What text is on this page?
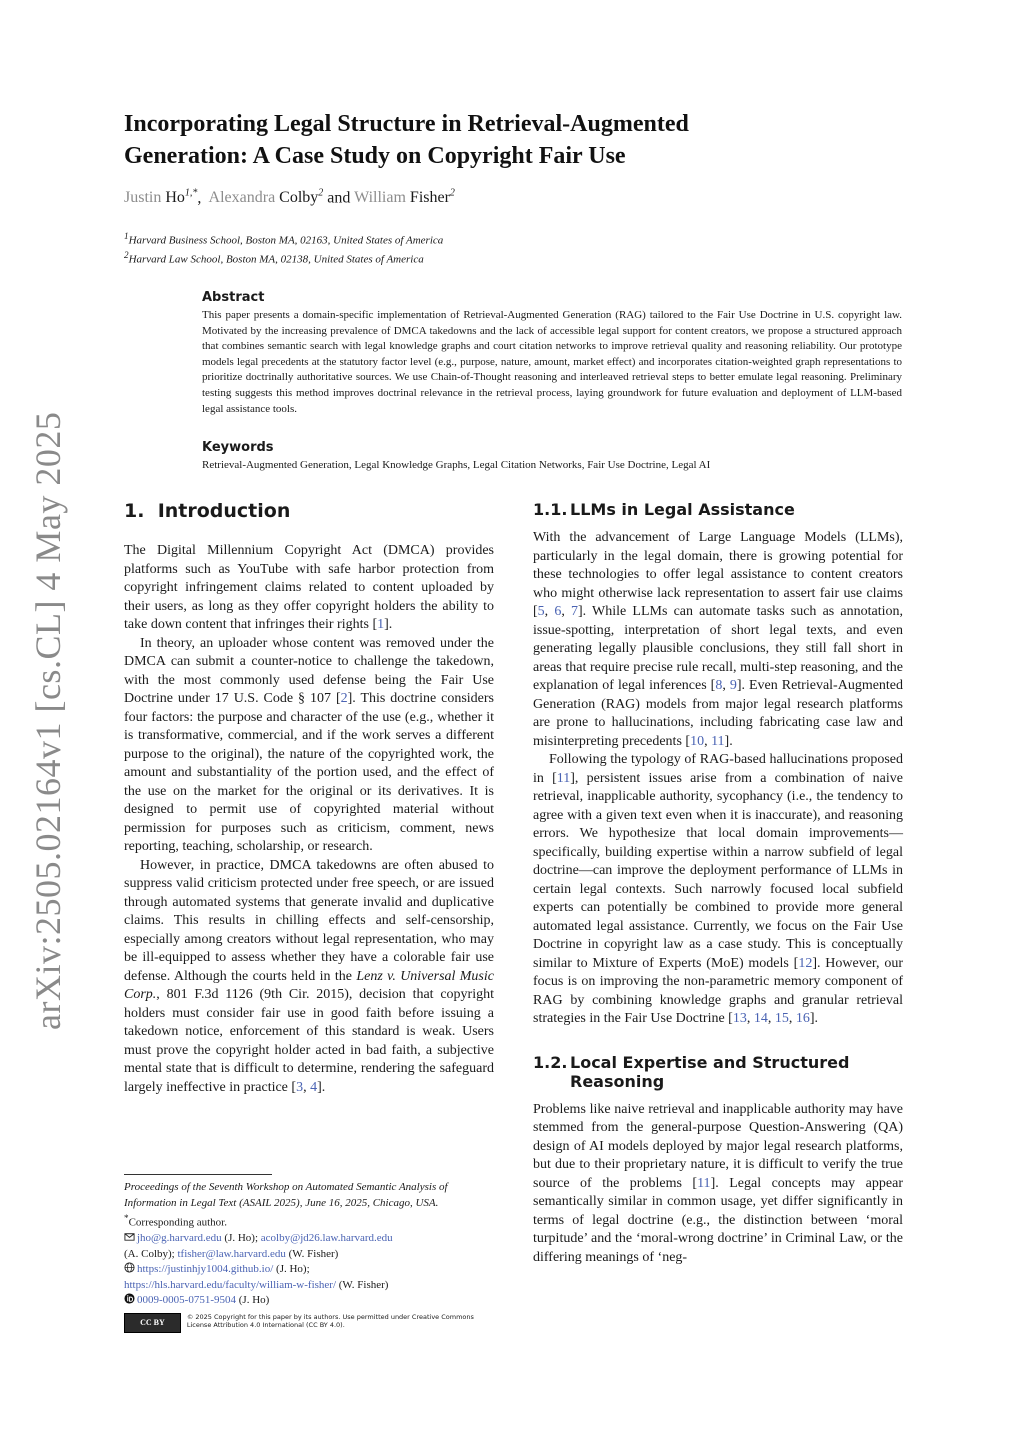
arXiv:2505.02164v1 [cs.CL] 4 May 2025
Incorporating Legal Structure in Retrieval-Augmented
Generation: A Case Study on Copyright Fair Use
Justin $Ho^{1,*}$, Alexandra Colby$^2$ and William Fisher$^2$
$^1$Harvard Business School, Boston MA, 02163, United States of America
$^2$Harvard Law School, Boston MA, 02138, United States of America
Abstract

This paper presents a domain-specific implementation of Retrieval-Augmented Generation (RAG) tailored to the Fair Use Doctrine in U.S. copyright law. Motivated by the increasing prevalence of DMCA takedowns and the lack of accessible legal support for content creators, we propose a structured approach that combines semantic search with legal knowledge graphs and court citation networks to improve retrieval quality and reasoning reliability. Our prototype models legal precedents at the statutory factor level (e.g., purpose, nature, amount, market effect) and incorporates citation-weighted graph representations to prioritize doctrinally authoritative sources. We use Chain-of-Thought reasoning and interleaved retrieval steps to better emulate legal reasoning. Preliminary testing suggests this method improves doctrinal relevance in the retrieval process, laying groundwork for future evaluation and deployment of LLM-based legal assistance tools.

Keywords

Retrieval-Augmented Generation, Legal Knowledge Graphs, Legal Citation Networks, Fair Use Doctrine, Legal AI

1. Introduction

The Digital Millennium Copyright Act (DMCA) provides platforms such as YouTube with safe harbor protection from copyright infringement claims related to content uploaded by their users, as long as they offer copyright holders the ability to take down content that infringes their rights [1].

In theory, an uploader whose content was removed under the DMCA can submit a counter-notice to challenge the takedown, with the most commonly used defense being the Fair Use Doctrine under 17 U.S. Code § 107 [2]. This doctrine considers four factors: the purpose and character of the use (e.g., whether it is transformative, commercial, and if the work serves a different purpose to the original), the nature of the copyrighted work, the amount and substantiality of the portion used, and the effect of the use on the market for the original or its derivatives. It is designed to permit use of copyrighted material without permission for purposes such as criticism, comment, news reporting, teaching, scholarship, or research.

However, in practice, DMCA takedowns are often abused to suppress valid criticism protected under free speech, or are issued through automated systems that generate invalid and duplicative claims. This results in chilling effects and self-censorship, especially among creators without legal representation, who may be ill-equipped to assess whether they have a colorable fair use defense. Although the courts held in the Lenz v. Universal Music Corp., 801 F.3d 1126 (9th Cir. 2015), decision that copyright holders must consider fair use in good faith before issuing a takedown notice, enforcement of this standard is weak. Users must prove the copyright holder acted in bad faith, a subjective mental state that is difficult to determine, rendering the safeguard largely ineffective in practice [3, 4].

1.1. LLMs in Legal Assistance

With the advancement of Large Language Models (LLMs), particularly in the legal domain, there is growing potential for these technologies to offer legal assistance to content creators who might otherwise lack representation to assert fair use claims [5, 6, 7]. While LLMs can automate tasks such as annotation, issue-spotting, interpretation of short legal texts, and even generating legally plausible conclusions, they still fall short in areas that require precise rule recall, multi-step reasoning, and the explanation of legal inferences [8, 9]. Even Retrieval-Augmented Generation (RAG) models from major legal research platforms are prone to hallucinations, including fabricating case law and misinterpreting precedents [10, 11].

Following the typology of RAG-based hallucinations proposed in [11], persistent issues arise from a combination of naive retrieval, inapplicable authority, sycophancy (i.e., the tendency to agree with a given text even when it is inaccurate), and reasoning errors. We hypothesize that local domain improvements—specifically, building expertise within a narrow subfield of legal doctrine—can improve the deployment performance of LLMs in certain legal contexts. Such narrowly focused local subfield experts can potentially be combined to provide more general automated legal assistance. Currently, we focus on the Fair Use Doctrine in copyright law as a case study. This is conceptually similar to Mixture of Experts (MoE) models [12]. However, our focus is on improving the non-parametric memory component of RAG by combining knowledge graphs and granular retrieval strategies in the Fair Use Doctrine [13, 14, 15, 16].

1.2. Local Expertise and Structured
Reasoning

Problems like naive retrieval and inapplicable authority may have stemmed from the general-purpose Question-Answering (QA) design of AI models deployed by major legal research platforms, but due to their proprietary nature, it is difficult to verify the true source of the problems [11]. Legal concepts may appear semantically similar in common usage, yet differ significantly in terms of legal doctrine (e.g., the distinction between ‘moral turpitude’ and the ‘moral-wrong doctrine’ in Criminal Law, or the differing meanings of ‘neg-

Proceedings of the Seventh Workshop on Automated Semantic Analysis of Information in Legal Text (ASAIL 2025), June 16, 2025, Chicago, USA.

*Corresponding author.

jho@g.harvard.edu (J. Ho); acolby@jd26.law.harvard.edu

(A. Colby); tfisher@law.harvard.edu (W. Fisher)

https://justinhjy1004.github.io/ (J. Ho);

https://hls.harvard.edu/faculty/william-w-fisher/ (W. Fisher)

0009-0005-0751-9504 (J. Ho)

CC BY
© 2025 Copyright for this paper by its authors. Use permitted under Creative Commons License Attribution 4.0 International (CC BY 4.0).
